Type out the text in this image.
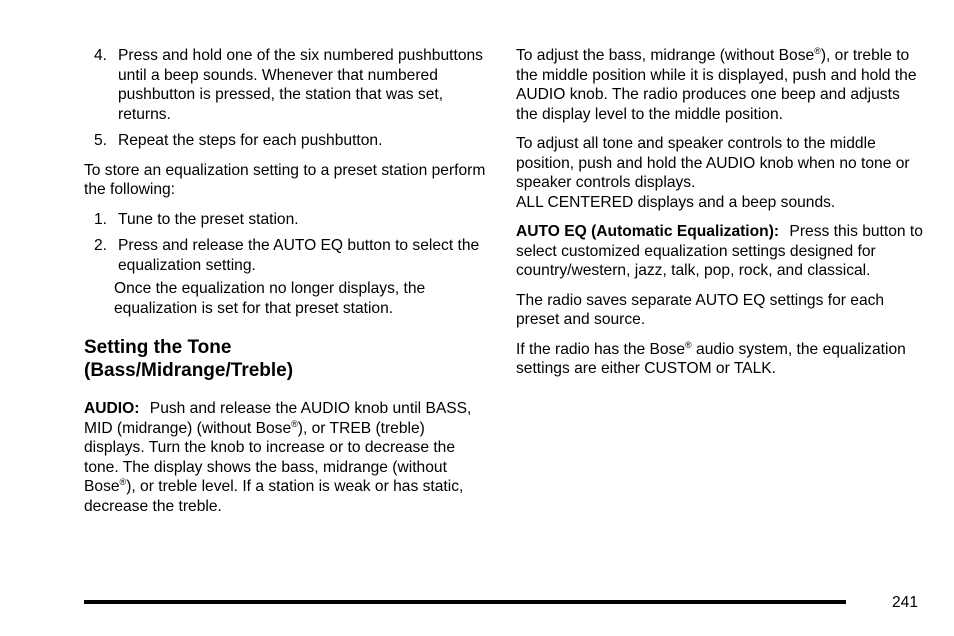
4. Press and hold one of the six numbered pushbuttons until a beep sounds. Whenever that numbered pushbutton is pressed, the station that was set, returns.
5. Repeat the steps for each pushbutton.

To store an equalization setting to a preset station perform the following:

1. Tune to the preset station.
2. Press and release the AUTO EQ button to select the equalization setting.

Once the equalization no longer displays, the equalization is set for that preset station.

Setting the Tone
(Bass/Midrange/Treble)

AUDIO: Push and release the AUDIO knob until BASS, MID (midrange) (without Bose®), or TREB (treble) displays. Turn the knob to increase or to decrease the tone. The display shows the bass, midrange (without Bose®), or treble level. If a station is weak or has static, decrease the treble.

To adjust the bass, midrange (without Bose®), or treble to the middle position while it is displayed, push and hold the AUDIO knob. The radio produces one beep and adjusts the display level to the middle position.

To adjust all tone and speaker controls to the middle position, push and hold the AUDIO knob when no tone or speaker controls displays.
ALL CENTERED displays and a beep sounds.

AUTO EQ (Automatic Equalization): Press this button to select customized equalization settings designed for country/western, jazz, talk, pop, rock, and classical.

The radio saves separate AUTO EQ settings for each preset and source.

If the radio has the Bose® audio system, the equalization settings are either CUSTOM or TALK.

241
